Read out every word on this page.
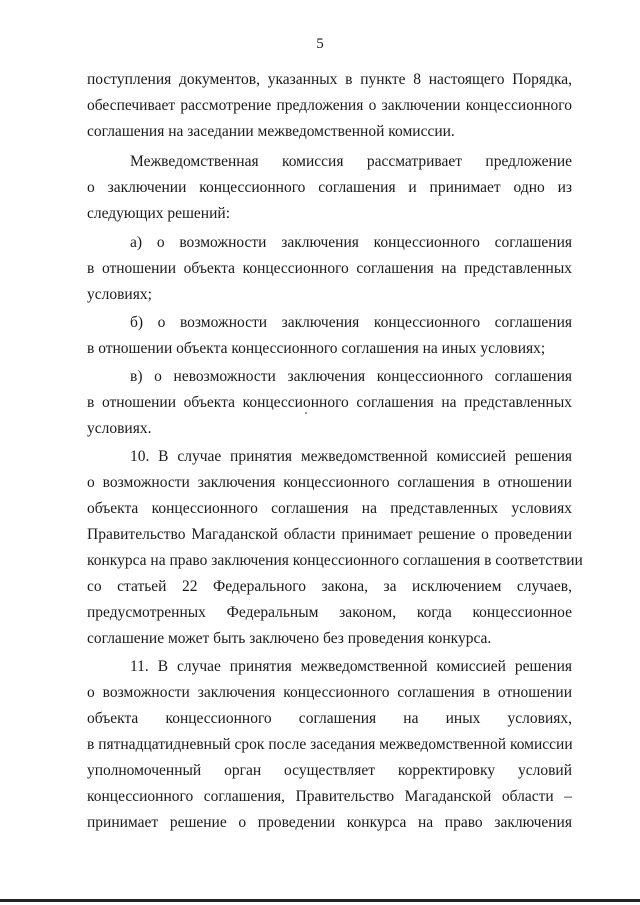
5
поступления документов, указанных в пункте 8 настоящего Порядка,
обеспечивает рассмотрение предложения о заключении концессионного
соглашения на заседании межведомственной комиссии.
Межведомственная комиссия рассматривает предложение
о заключении концессионного соглашения и принимает одно из
следующих решений:
а) о возможности заключения концессионного соглашения
в отношении объекта концессионного соглашения на представленных
условиях;
б) о возможности заключения концессионного соглашения
в отношении объекта концессионного соглашения на иных условиях;
в) о невозможности заключения концессионного соглашения
в отношении объекта концессионного соглашения на представленных
условиях.
10. В случае принятия межведомственной комиссией решения
о возможности заключения концессионного соглашения в отношении
объекта концессионного соглашения на представленных условиях
Правительство Магаданской области принимает решение о проведении
конкурса на право заключения концессионного соглашения в соответствии
со статьей 22 Федерального закона, за исключением случаев,
предусмотренных Федеральным законом, когда концессионное
соглашение может быть заключено без проведения конкурса.
11. В случае принятия межведомственной комиссией решения
о возможности заключения концессионного соглашения в отношении
объекта концессионного соглашения на иных условиях,
в пятнадцатидневный срок после заседания межведомственной комиссии
уполномоченный орган осуществляет корректировку условий
концессионного соглашения, Правительство Магаданской области –
принимает решение о проведении конкурса на право заключения
